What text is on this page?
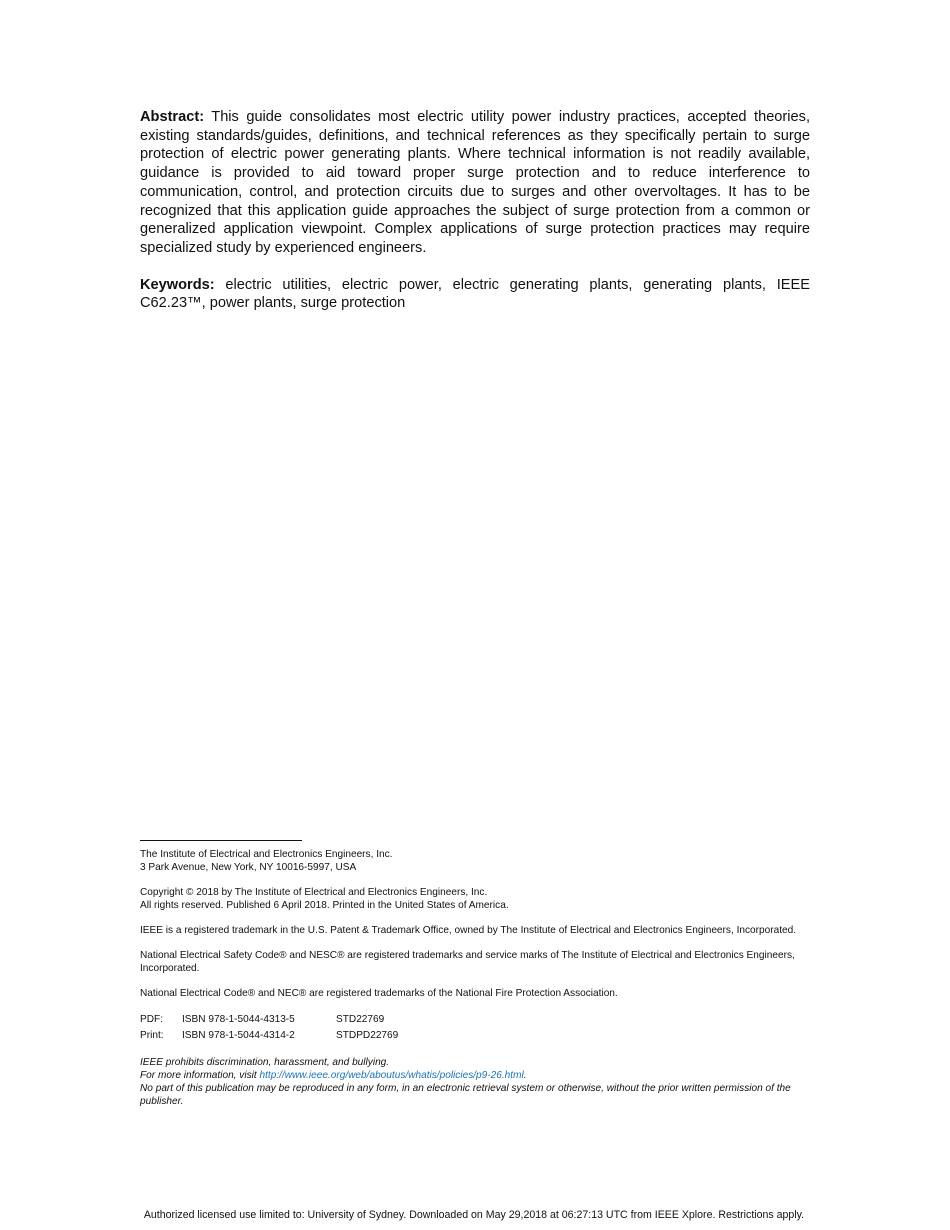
Abstract: This guide consolidates most electric utility power industry practices, accepted theories, existing standards/guides, definitions, and technical references as they specifically pertain to surge protection of electric power generating plants. Where technical information is not readily available, guidance is provided to aid toward proper surge protection and to reduce interference to communication, control, and protection circuits due to surges and other overvoltages. It has to be recognized that this application guide approaches the subject of surge protection from a common or generalized application viewpoint. Complex applications of surge protection practices may require specialized study by experienced engineers.

Keywords: electric utilities, electric power, electric generating plants, generating plants, IEEE C62.23™, power plants, surge protection

The Institute of Electrical and Electronics Engineers, Inc.
3 Park Avenue, New York, NY 10016-5997, USA
Copyright © 2018 by The Institute of Electrical and Electronics Engineers, Inc.
All rights reserved. Published 6 April 2018. Printed in the United States of America.
IEEE is a registered trademark in the U.S. Patent & Trademark Office, owned by The Institute of Electrical and Electronics Engineers, Incorporated.
National Electrical Safety Code® and NESC® are registered trademarks and service marks of The Institute of Electrical and Electronics Engineers, Incorporated.
National Electrical Code® and NEC® are registered trademarks of the National Fire Protection Association.
PDF:	ISBN 978-1-5044-4313-5	STD22769
Print:	ISBN 978-1-5044-4314-2	STDPD22769
IEEE prohibits discrimination, harassment, and bullying.
For more information, visit http://www.ieee.org/web/aboutus/whatis/policies/p9-26.html.
No part of this publication may be reproduced in any form, in an electronic retrieval system or otherwise, without the prior written permission of the publisher.
Authorized licensed use limited to: University of Sydney. Downloaded on May 29,2018 at 06:27:13 UTC from IEEE Xplore. Restrictions apply.
